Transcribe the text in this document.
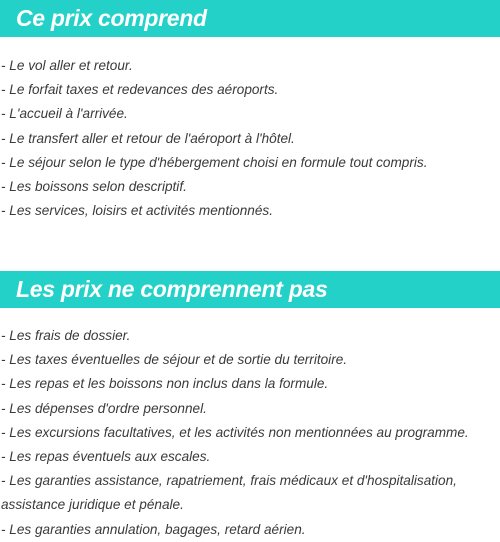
Ce prix comprend
- Le vol aller et retour.
- Le forfait taxes et redevances des aéroports.
- L'accueil à l'arrivée.
- Le transfert aller et retour de l'aéroport à l'hôtel.
- Le séjour selon le type d'hébergement choisi en formule tout compris.
- Les boissons selon descriptif.
- Les services, loisirs et activités mentionnés.
Les prix ne comprennent pas
- Les frais de dossier.
- Les taxes éventuelles de séjour et de sortie du territoire.
- Les repas et les boissons non inclus dans la formule.
- Les dépenses d'ordre personnel.
- Les excursions facultatives, et les activités non mentionnées au programme.
- Les repas éventuels aux escales.
- Les garanties assistance, rapatriement, frais médicaux et d'hospitalisation, assistance juridique et pénale.
- Les garanties annulation, bagages, retard aérien.
